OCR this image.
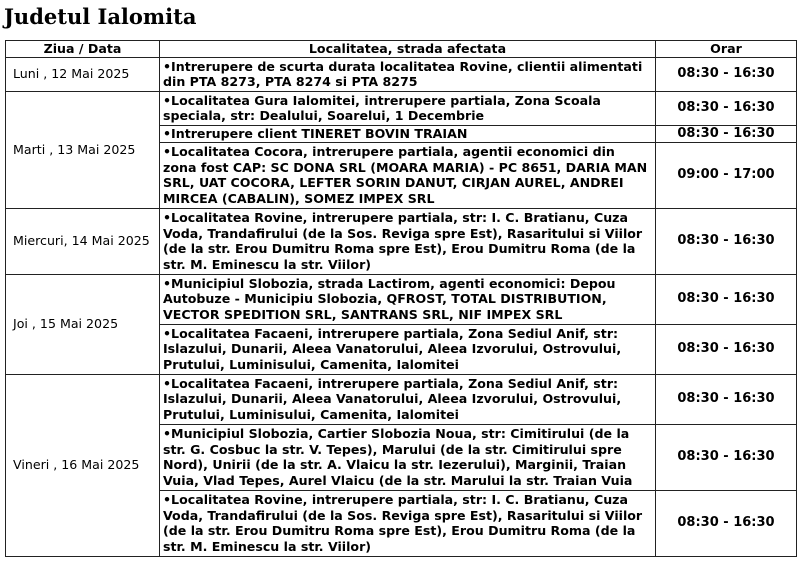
Judetul Ialomita
Ziua / Data	Localitatea, strada afectata	Orar
Luni , 12 Mai 2025	•Intrerupere de scurta durata localitatea Rovine, clientii alimentati din PTA 8273, PTA 8274 si PTA 8275	08:30 - 16:30
Marti , 13 Mai 2025	•Localitatea Gura Ialomitei, intrerupere partiala, Zona Scoala speciala, str: Dealului, Soarelui, 1 Decembrie	08:30 - 16:30
	•Intrerupere client TINERET BOVIN TRAIAN	08:30 - 16:30
	•Localitatea Cocora, intrerupere partiala, agentii economici din zona fost CAP: SC DONA SRL (MOARA MARIA) - PC 8651, DARIA MAN SRL, UAT COCORA, LEFTER SORIN DANUT, CIRJAN AUREL, ANDREI MIRCEA (CABALIN), SOMEZ IMPEX SRL	09:00 - 17:00
Miercuri, 14 Mai 2025	•Localitatea Rovine, intrerupere partiala, str: I. C. Bratianu, Cuza Voda, Trandafirului (de la Sos. Reviga spre Est), Rasaritului si Viilor (de la str. Erou Dumitru Roma spre Est), Erou Dumitru Roma (de la str. M. Eminescu la str. Viilor)	08:30 - 16:30
Joi , 15 Mai 2025	•Municipiul Slobozia, strada Lactirom, agenti economici: Depou Autobuze - Municipiu Slobozia, QFROST, TOTAL DISTRIBUTION, VECTOR SPEDITION SRL, SANTRANS SRL, NIF IMPEX SRL	08:30 - 16:30
	•Localitatea Facaeni, intrerupere partiala, Zona Sediul Anif, str: Islazului, Dunarii, Aleea Vanatorului, Aleea Izvorului, Ostrovului, Prutului, Luminisului, Camenita, Ialomitei	08:30 - 16:30
Vineri , 16 Mai 2025	•Localitatea Facaeni, intrerupere partiala, Zona Sediul Anif, str: Islazului, Dunarii, Aleea Vanatorului, Aleea Izvorului, Ostrovului, Prutului, Luminisului, Camenita, Ialomitei	08:30 - 16:30
	•Municipiul Slobozia, Cartier Slobozia Noua, str: Cimitirului (de la str. G. Cosbuc la str. V. Tepes), Marului (de la str. Cimitirului spre Nord), Unirii (de la str. A. Vlaicu la str. Iezerului), Marginii, Traian Vuia, Vlad Tepes, Aurel Vlaicu (de la str. Marului la str. Traian Vuia	08:30 - 16:30
	•Localitatea Rovine, intrerupere partiala, str: I. C. Bratianu, Cuza Voda, Trandafirului (de la Sos. Reviga spre Est), Rasaritului si Viilor (de la str. Erou Dumitru Roma spre Est), Erou Dumitru Roma (de la str. M. Eminescu la str. Viilor)	08:30 - 16:30
